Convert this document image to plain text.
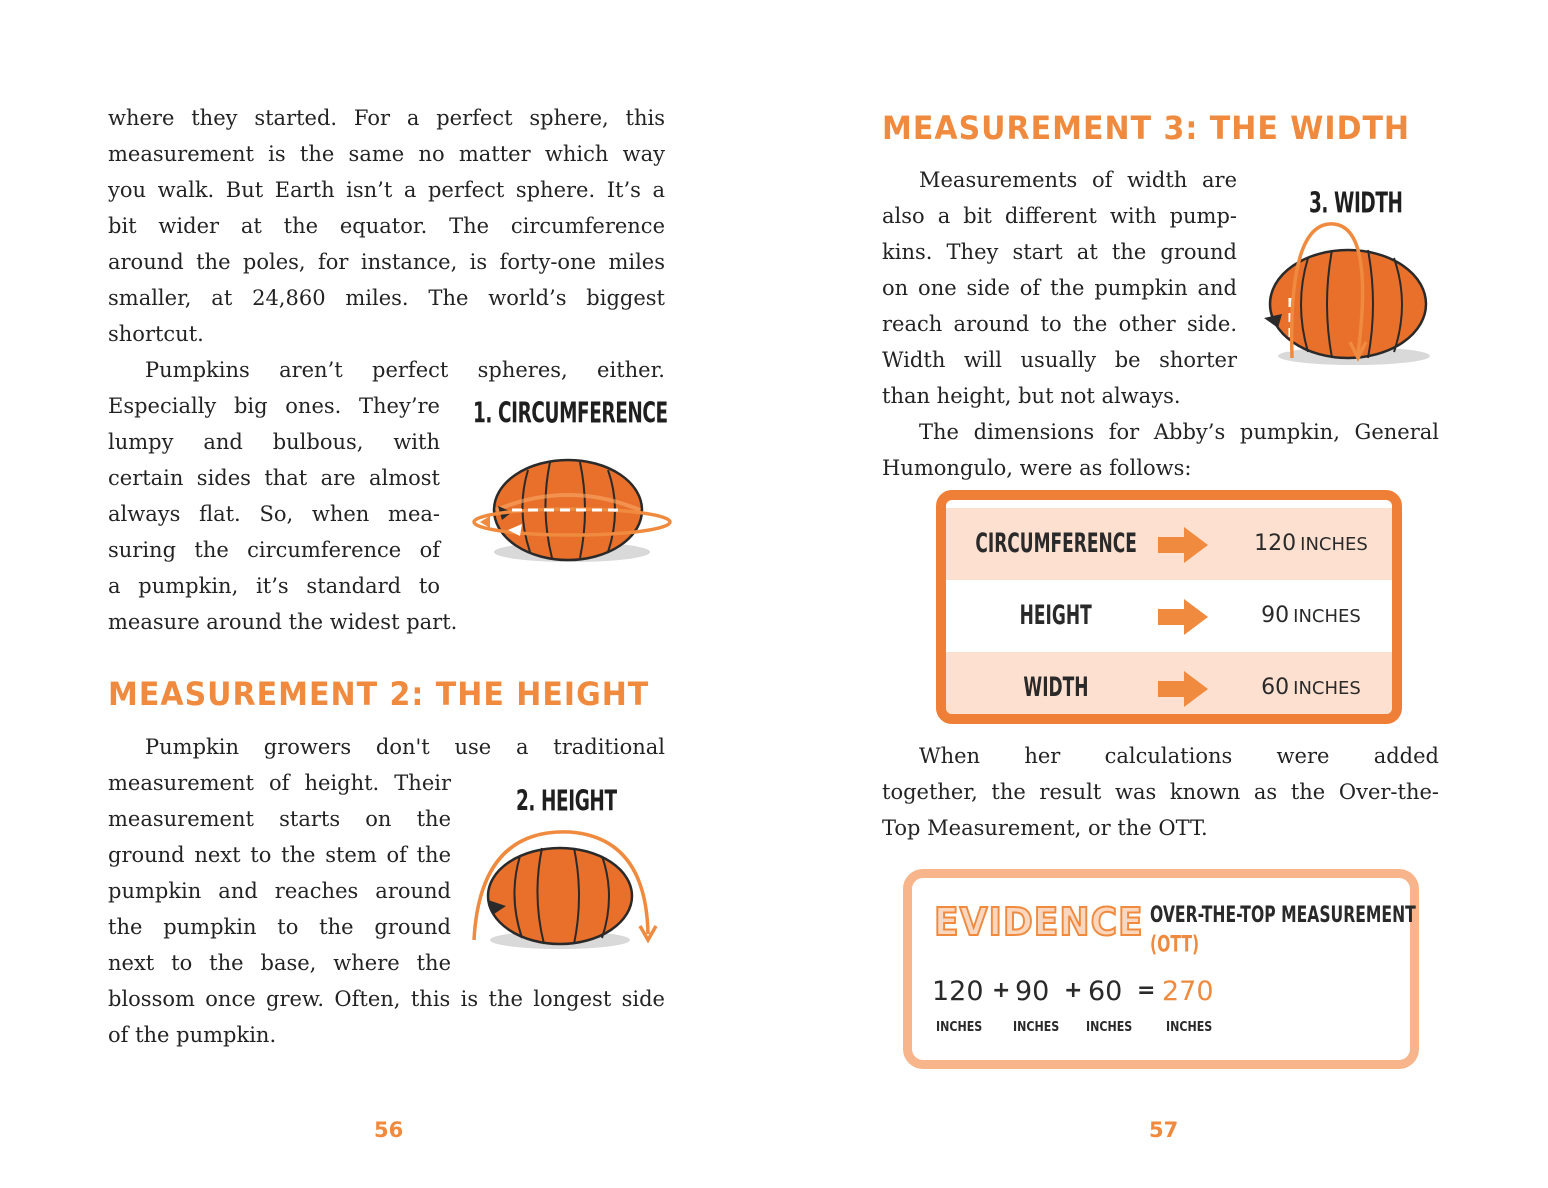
where they started. For a perfect sphere, this
measurement is the same no matter which way
you walk. But Earth isn’t a perfect sphere. It’s a
bit wider at the equator. The circumference
around the poles, for instance, is forty-one miles
smaller, at 24,860 miles. The world’s biggest
shortcut.
Pumpkins aren’t perfect spheres, either.
Especially big ones. They’re
lumpy and bulbous, with
certain sides that are almost
always flat. So, when mea-
suring the circumference of
a pumpkin, it’s standard to
measure around the widest part.
1. CIRCUMFERENCE
MEASUREMENT 2: THE HEIGHT
Pumpkin growers don't use a traditional
measurement of height. Their
measurement starts on the
ground next to the stem of the
pumpkin and reaches around
the pumpkin to the ground
next to the base, where the
blossom once grew. Often, this is the longest side
of the pumpkin.
2. HEIGHT
56
MEASUREMENT 3: THE WIDTH
Measurements of width are
also a bit different with pump-
kins. They start at the ground
on one side of the pumpkin and
reach around to the other side.
Width will usually be shorter
than height, but not always.
3. WIDTH
The dimensions for Abby’s pumpkin, General
Humongulo, were as follows:
When her calculations were added
together, the result was known as the Over-the-
Top Measurement, or the OTT.
57
CIRCUMFERENCE	120 INCHES
HEIGHT	90 INCHES
WIDTH	60 INCHES
EVIDENCE OVER-THE-TOP MEASUREMENT
(OTT)
120 + 90 + 60 = 270
INCHES INCHES INCHES	INCHES
